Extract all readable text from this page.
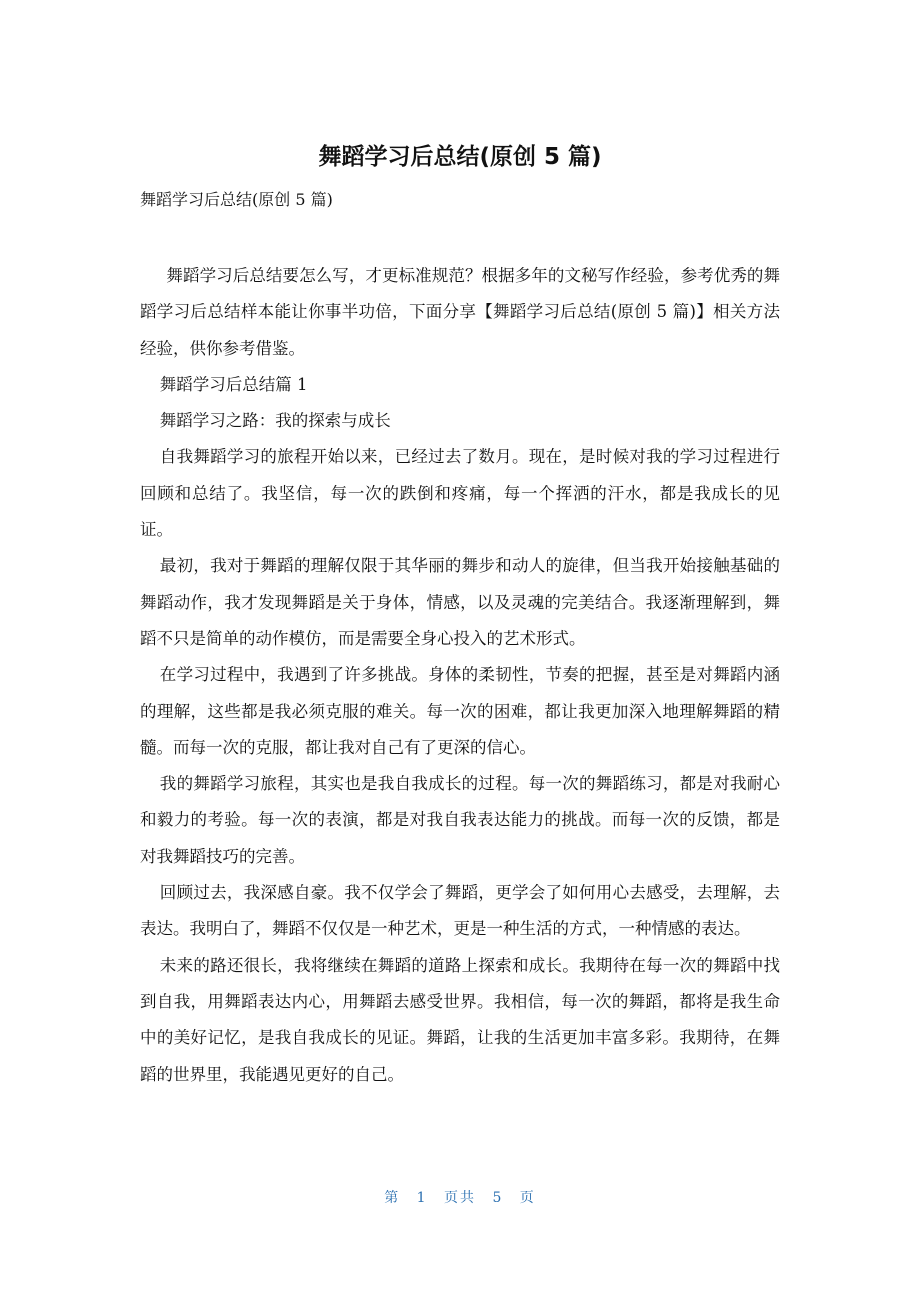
舞蹈学习后总结(原创 5 篇)
舞蹈学习后总结(原创 5 篇)

舞蹈学习后总结要怎么写，才更标准规范？根据多年的文秘写作经验，参考优秀的舞蹈学习后总结样本能让你事半功倍，下面分享【舞蹈学习后总结(原创 5 篇)】相关方法经验，供你参考借鉴。

舞蹈学习后总结篇 1

舞蹈学习之路：我的探索与成长

自我舞蹈学习的旅程开始以来，已经过去了数月。现在，是时候对我的学习过程进行回顾和总结了。我坚信，每一次的跌倒和疼痛，每一个挥洒的汗水，都是我成长的见证。

最初，我对于舞蹈的理解仅限于其华丽的舞步和动人的旋律，但当我开始接触基础的舞蹈动作，我才发现舞蹈是关于身体，情感，以及灵魂的完美结合。我逐渐理解到，舞蹈不只是简单的动作模仿，而是需要全身心投入的艺术形式。

在学习过程中，我遇到了许多挑战。身体的柔韧性，节奏的把握，甚至是对舞蹈内涵的理解，这些都是我必须克服的难关。每一次的困难，都让我更加深入地理解舞蹈的精髓。而每一次的克服，都让我对自己有了更深的信心。

我的舞蹈学习旅程，其实也是我自我成长的过程。每一次的舞蹈练习，都是对我耐心和毅力的考验。每一次的表演，都是对我自我表达能力的挑战。而每一次的反馈，都是对我舞蹈技巧的完善。

回顾过去，我深感自豪。我不仅学会了舞蹈，更学会了如何用心去感受，去理解，去表达。我明白了，舞蹈不仅仅是一种艺术，更是一种生活的方式，一种情感的表达。

未来的路还很长，我将继续在舞蹈的道路上探索和成长。我期待在每一次的舞蹈中找到自我，用舞蹈表达内心，用舞蹈去感受世界。我相信，每一次的舞蹈，都将是我生命中的美好记忆，是我自我成长的见证。舞蹈，让我的生活更加丰富多彩。我期待，在舞蹈的世界里，我能遇见更好的自己。

第 1 页共 5 页
